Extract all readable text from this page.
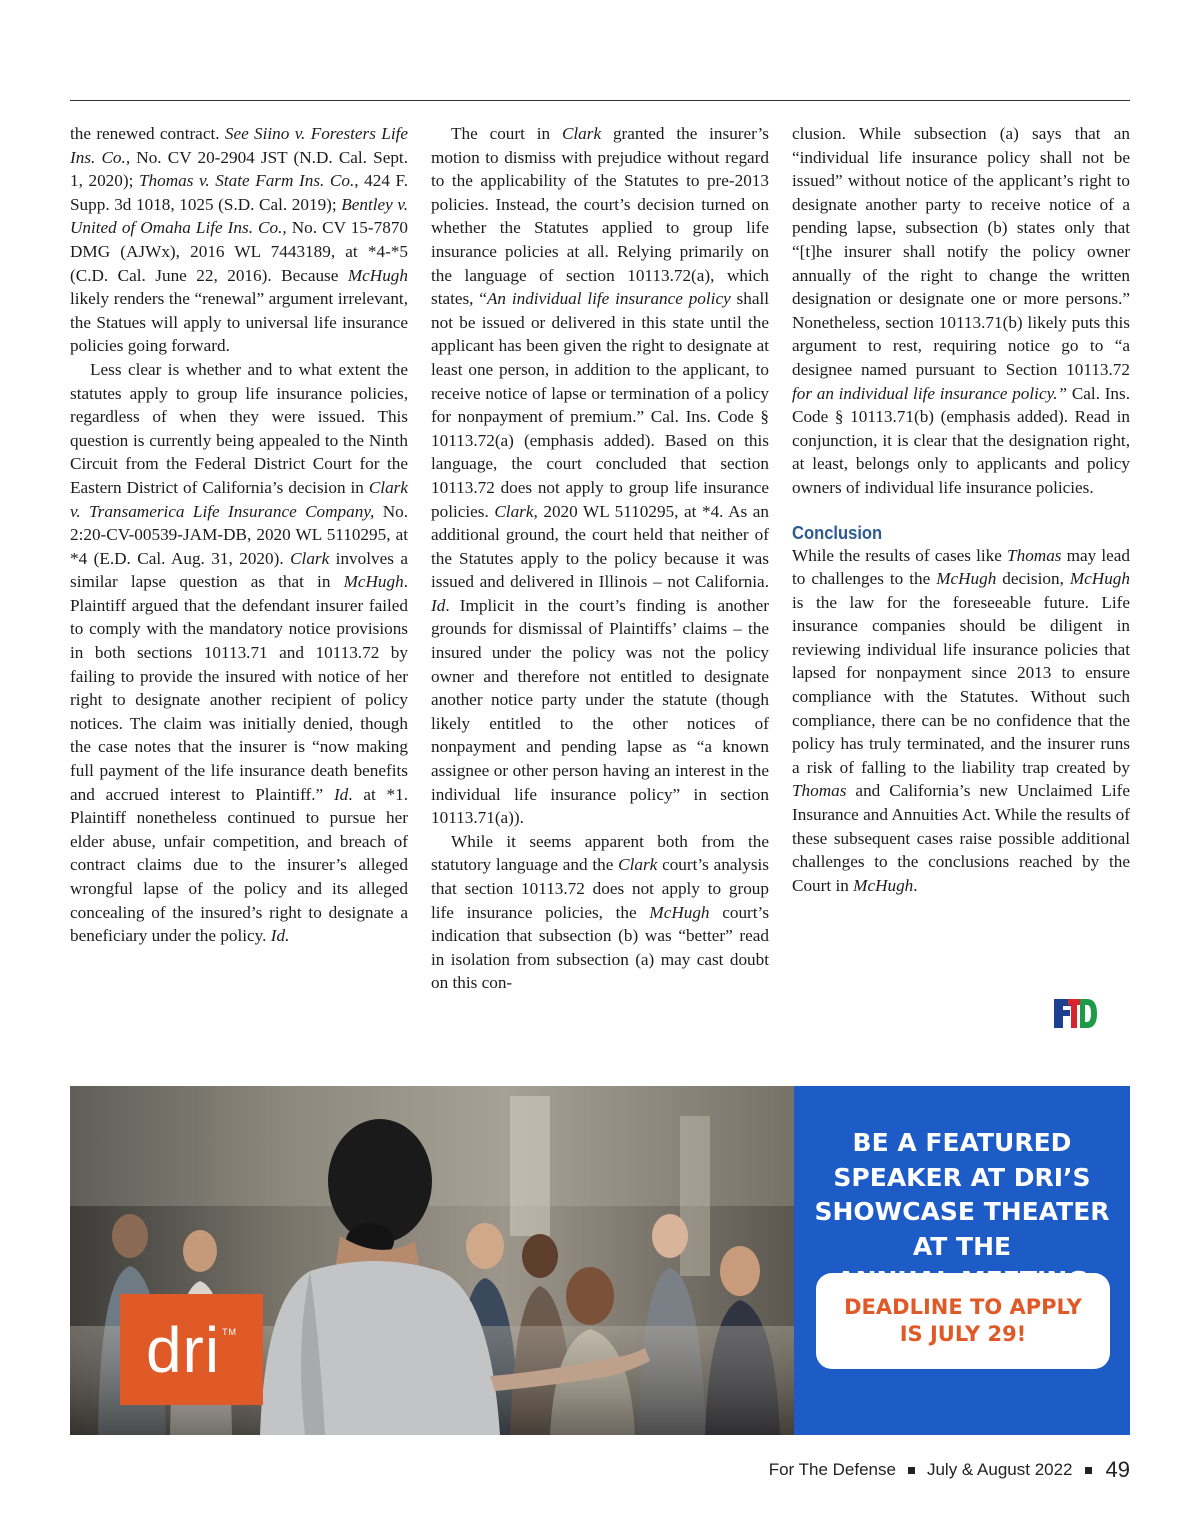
the renewed contract. See Siino v. Foresters Life Ins. Co., No. CV 20-2904 JST (N.D. Cal. Sept. 1, 2020); Thomas v. State Farm Ins. Co., 424 F. Supp. 3d 1018, 1025 (S.D. Cal. 2019); Bentley v. United of Omaha Life Ins. Co., No. CV 15-7870 DMG (AJWx), 2016 WL 7443189, at *4-*5 (C.D. Cal. June 22, 2016). Because McHugh likely renders the “renewal” argument irrelevant, the Statues will apply to universal life insurance policies going forward.

Less clear is whether and to what extent the statutes apply to group life insurance policies, regardless of when they were issued. This question is currently being appealed to the Ninth Circuit from the Federal District Court for the Eastern District of California’s decision in Clark v. Transamerica Life Insurance Company, No. 2:20-CV-00539-JAM-DB, 2020 WL 5110295, at *4 (E.D. Cal. Aug. 31, 2020). Clark involves a similar lapse question as that in McHugh. Plaintiff argued that the defendant insurer failed to comply with the mandatory notice provisions in both sections 10113.71 and 10113.72 by failing to provide the insured with notice of her right to designate another recipient of policy notices. The claim was initially denied, though the case notes that the insurer is “now making full payment of the life insurance death benefits and accrued interest to Plaintiff.” Id. at *1. Plaintiff nonetheless continued to pursue her elder abuse, unfair competition, and breach of contract claims due to the insurer’s alleged wrongful lapse of the policy and its alleged concealing of the insured’s right to designate a beneficiary under the policy. Id.

The court in Clark granted the insurer’s motion to dismiss with prejudice without regard to the applicability of the Statutes to pre-2013 policies. Instead, the court’s decision turned on whether the Statutes applied to group life insurance policies at all. Relying primarily on the language of section 10113.72(a), which states, “An individual life insurance policy shall not be issued or delivered in this state until the applicant has been given the right to designate at least one person, in addition to the applicant, to receive notice of lapse or termination of a policy for nonpayment of premium.” Cal. Ins. Code § 10113.72(a) (emphasis added). Based on this language, the court concluded that section 10113.72 does not apply to group life insurance policies. Clark, 2020 WL 5110295, at *4. As an additional ground, the court held that neither of the Statutes apply to the policy because it was issued and delivered in Illinois – not California. Id. Implicit in the court’s finding is another grounds for dismissal of Plaintiffs’ claims – the insured under the policy was not the policy owner and therefore not entitled to designate another notice party under the statute (though likely entitled to the other notices of nonpayment and pending lapse as “a known assignee or other person having an interest in the individual life insurance policy” in section 10113.71(a)).

While it seems apparent both from the statutory language and the Clark court’s analysis that section 10113.72 does not apply to group life insurance policies, the McHugh court’s indication that subsection (b) was “better” read in isolation from subsection (a) may cast doubt on this con-

clusion. While subsection (a) says that an “individual life insurance policy shall not be issued” without notice of the applicant’s right to designate another party to receive notice of a pending lapse, subsection (b) states only that “[t]he insurer shall notify the policy owner annually of the right to change the written designation or designate one or more persons.” Nonetheless, section 10113.71(b) likely puts this argument to rest, requiring notice go to “a designee named pursuant to Section 10113.72 for an individual life insurance policy.” Cal. Ins. Code § 10113.71(b) (emphasis added). Read in conjunction, it is clear that the designation right, at least, belongs only to applicants and policy owners of individual life insurance policies.

Conclusion

While the results of cases like Thomas may lead to challenges to the McHugh decision, McHugh is the law for the foreseeable future. Life insurance companies should be diligent in reviewing individual life insurance policies that lapsed for nonpayment since 2013 to ensure compliance with the Statutes. Without such compliance, there can be no confidence that the policy has truly terminated, and the insurer runs a risk of falling to the liability trap created by Thomas and California’s new Unclaimed Life Insurance and Annuities Act. While the results of these subsequent cases raise possible additional challenges to the conclusions reached by the Court in McHugh.

dri™
BE A FEATURED
SPEAKER AT DRI’S
SHOWCASE THEATER
AT THE

DEADLINE TO APPLY
IS JULY 29!
For The Defense July & August 2022 49
